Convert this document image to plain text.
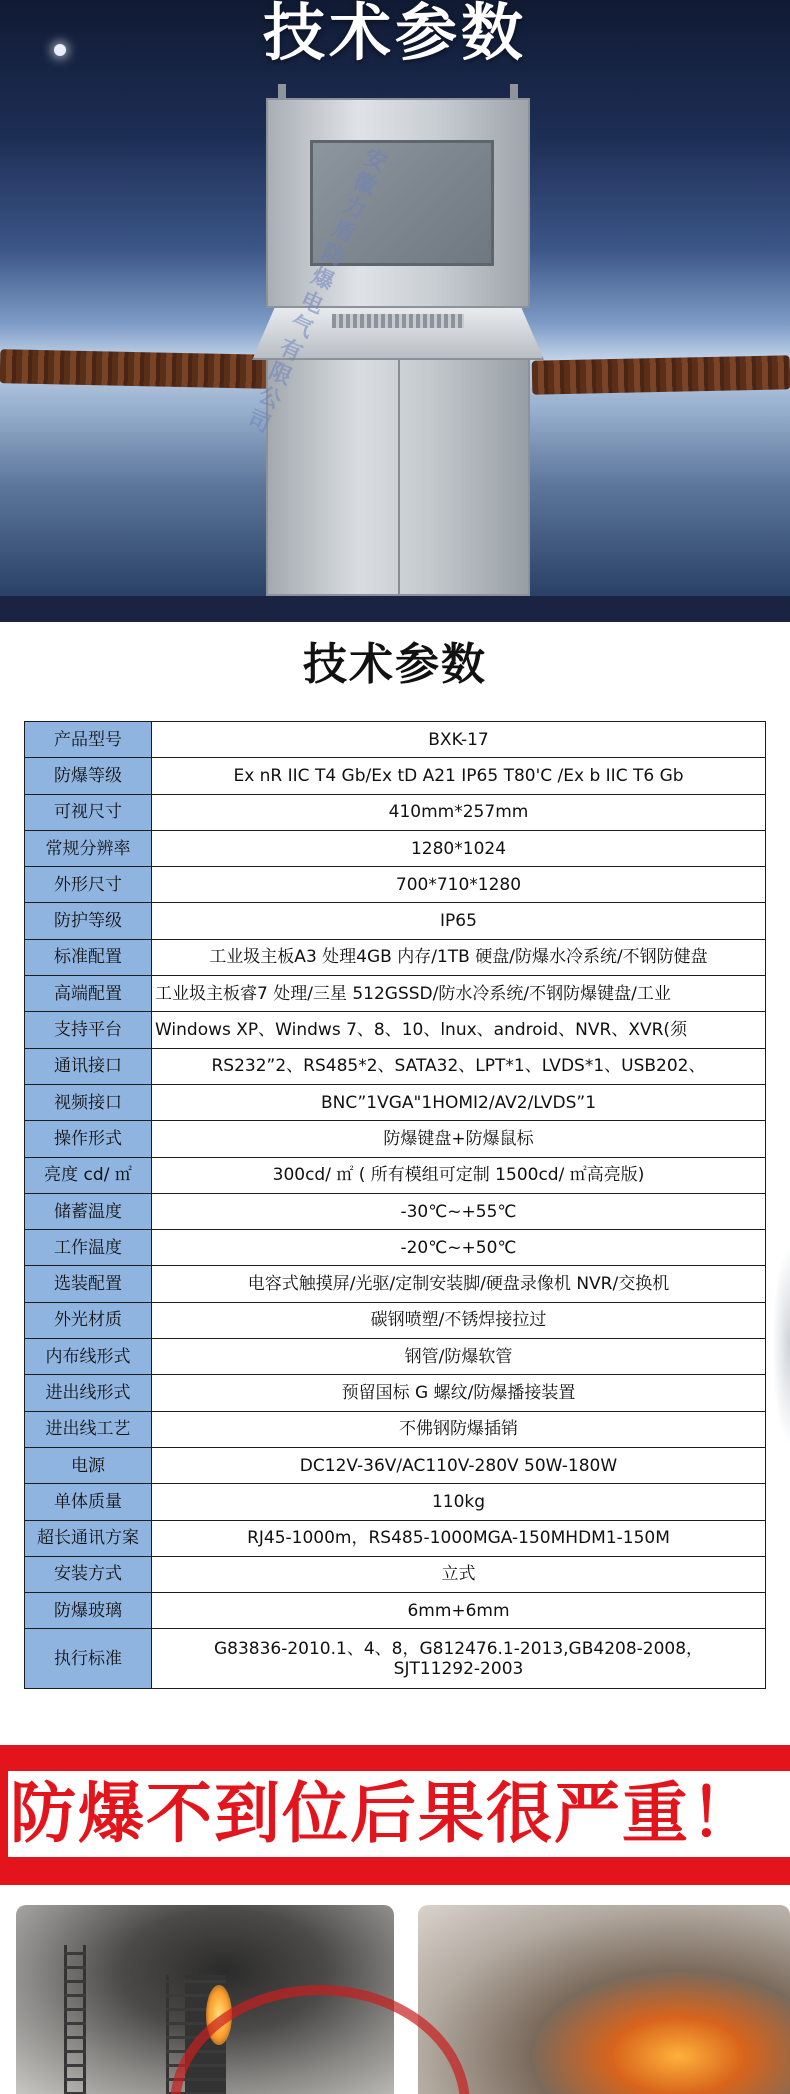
安徽力盾防爆电气有限公司
技术参数
技术参数
产品型号	BXK-17
防爆等级	Ex nR IIC T4 Gb/Ex tD A21 IP65 T80'C /Ex b IIC T6 Gb
可视尺寸	410mm*257mm
常规分辨率	1280*1024
外形尺寸	700*710*1280
防护等级	IP65
标准配置	工业圾主板A3 处理4GB 内存/1TB 硬盘/防爆水冷系统/不钢防健盘
高端配置	工业圾主板睿7 处理/三星 512GSSD/防水冷系统/不钢防爆键盘/工业
支持平台	Windows XP、Windws 7、8、10、lnux、android、NVR、XVR(须
通讯接口	RS232”2、RS485*2、SATA32、LPT*1、LVDS*1、USB202、
视频接口	BNC”1VGA"1HOMI2/AV2/LVDS”1
操作形式	防爆键盘+防爆鼠标
亮度 cd/ ㎡	300cd/ ㎡ ( 所有模组可定制 1500cd/ ㎡高亮版)
储蓄温度	-30℃~+55℃
工作温度	-20℃~+50℃
选装配置	电容式触摸屏/光驱/定制安装脚/硬盘录像机 NVR/交换机
外光材质	碳钢喷塑/不锈焊接拉过
内布线形式	钢管/防爆软管
进出线形式	预留国标 G 螺纹/防爆播接装置
进出线工艺	不佛钢防爆插销
电源	DC12V-36V/AC110V-280V 50W-180W
单体质量	110kg
超长通讯方案	RJ45-1000m，RS485-1000MGA-150MHDM1-150M
安装方式	立式
防爆玻璃	6mm+6mm
执行标准	G83836-2010.1、4、8，G812476.1-2013,GB4208-2008，
SJT11292-2003
防爆不到位后果很严重！
